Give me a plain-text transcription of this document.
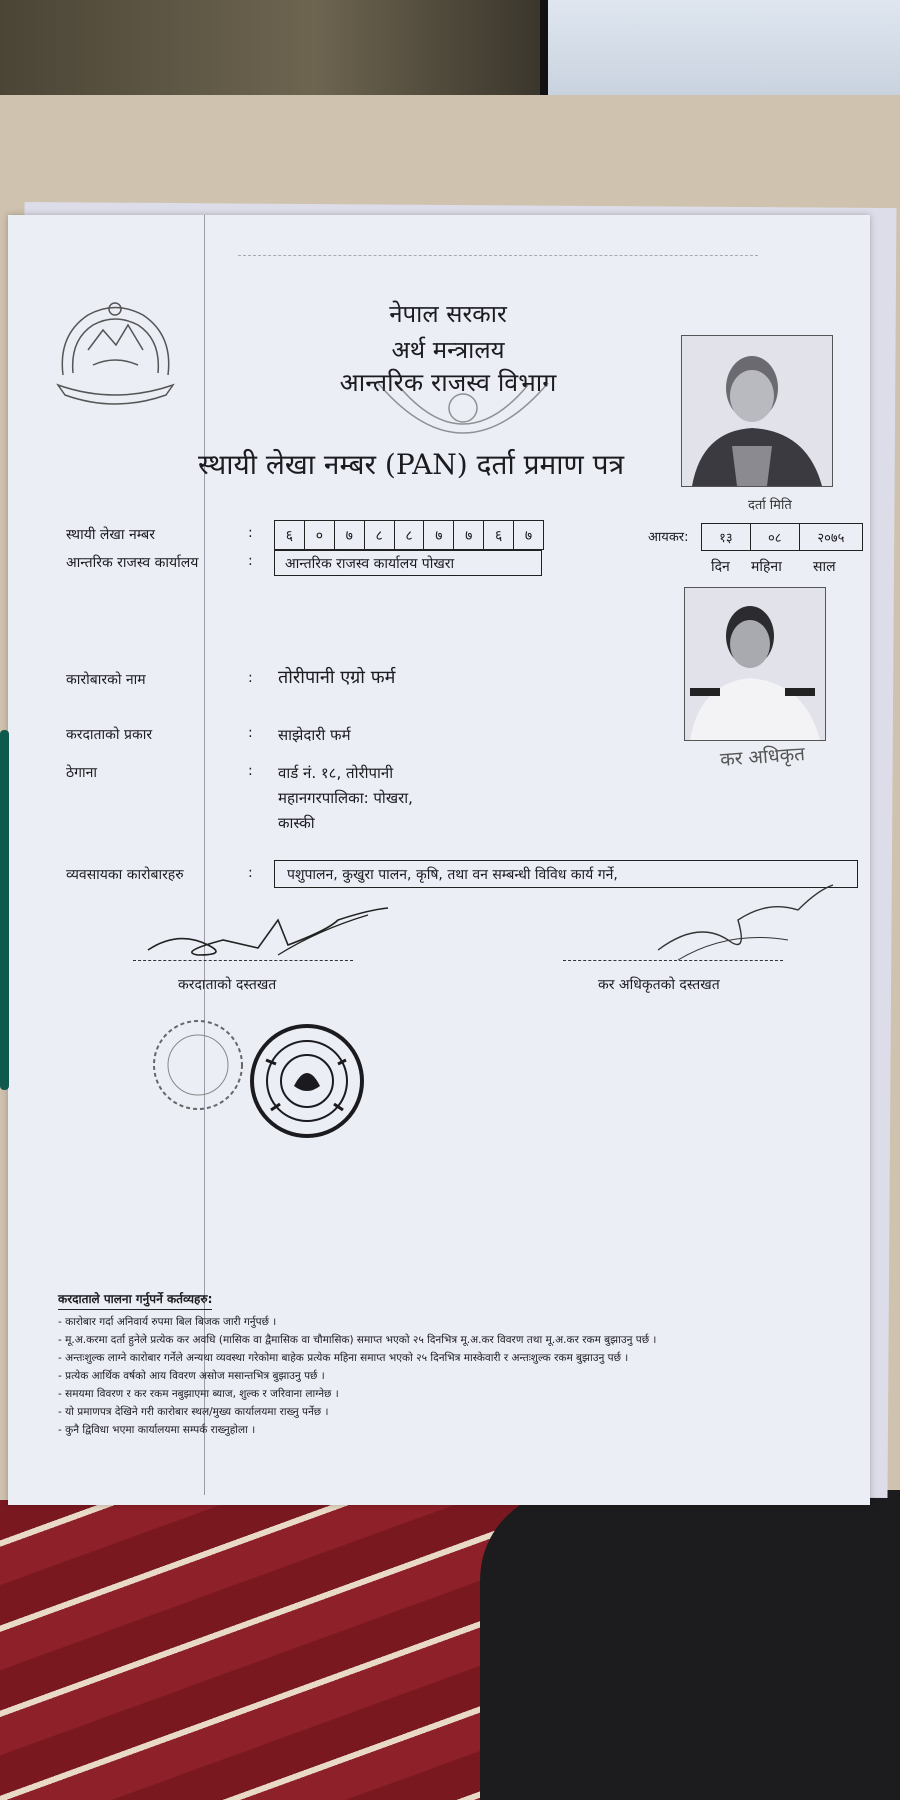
नेपाल सरकार
अर्थ मन्त्रालय
आन्तरिक राजस्व विभाग
स्थायी लेखा नम्बर (PAN) दर्ता प्रमाण पत्र
कर अधिकृत
दर्ता मिति
स्थायी लेखा नम्बर	:	६	०	७	८	८	७	७	६	७	आयकर:	१३	०८	२०७५
दिन महिना साल
आन्तरिक राजस्व कार्यालय	:	आन्तरिक राजस्व कार्यालय पोखरा
कारोबारको नाम	: तोरीपानी एग्रो फर्म
करदाताको प्रकार	: साझेदारी फर्म
ठेगाना	: वार्ड नं. १८, तोरीपानी
महानगरपालिका: पोखरा,
कास्की
व्यवसायका कारोबारहरु	:	पशुपालन, कुखुरा पालन, कृषि, तथा वन सम्बन्धी विविध कार्य गर्ने,
करदाताको दस्तखत	कर अधिकृतको दस्तखत
करदाताले पालना गर्नुपर्ने कर्तव्यहरु:
- कारोबार गर्दा अनिवार्य रुपमा बिल बिजक जारी गर्नुपर्छ ।
- मू.अ.करमा दर्ता हुनेले प्रत्येक कर अवधि (मासिक वा द्वैमासिक वा चौमासिक) समाप्त भएको २५ दिनभित्र मू.अ.कर विवरण तथा मू.अ.कर रकम बुझाउनु पर्छ ।
- अन्तःशुल्क लाग्ने कारोबार गर्नेले अन्यथा व्यवस्था गरेकोमा बाहेक प्रत्येक महिना समाप्त भएको २५ दिनभित्र मास्केवारी र अन्तःशुल्क रकम बुझाउनु पर्छ ।
- प्रत्येक आर्थिक वर्षको आय विवरण असोज मसान्तभित्र बुझाउनु पर्छ ।
- समयमा विवरण र कर रकम नबुझाएमा ब्याज, शुल्क र जरिवाना लाग्नेछ ।
- यो प्रमाणपत्र देखिने गरी कारोबार स्थल/मुख्य कार्यालयमा राख्नु पर्नेछ ।
- कुनै द्विविधा भएमा कार्यालयमा सम्पर्क राख्नुहोला ।
